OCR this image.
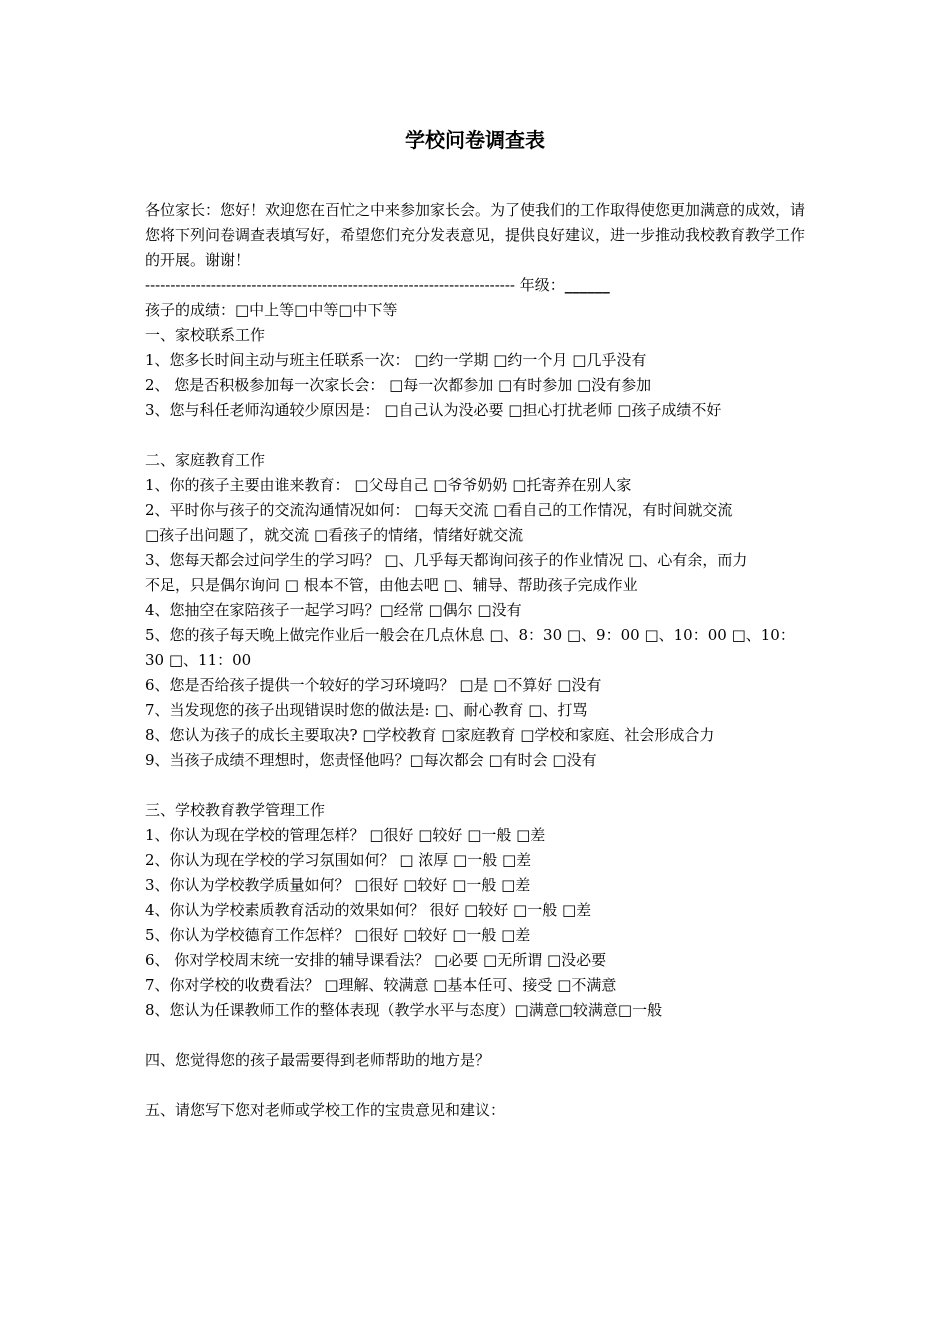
学校问卷调查表
各位家长：您好！欢迎您在百忙之中来参加家长会。为了使我们的工作取得使您更加满意的成效，请您将下列问卷调查表填写好，希望您们充分发表意见，提供良好建议，进一步推动我校教育教学工作的开展。谢谢！
------------------------------------------------------------------------- 年级：______
孩子的成绩：□中上等□中等□中下等
一、家校联系工作
1、您多长时间主动与班主任联系一次： □约一学期 □约一个月 □几乎没有
2、 您是否积极参加每一次家长会： □每一次都参加 □有时参加 □没有参加
3、您与科任老师沟通较少原因是： □自己认为没必要 □担心打扰老师 □孩子成绩不好
二、家庭教育工作
1、你的孩子主要由谁来教育： □父母自己 □爷爷奶奶 □托寄养在别人家
2、平时你与孩子的交流沟通情况如何： □每天交流 □看自己的工作情况，有时间就交流
□孩子出问题了，就交流 □看孩子的情绪，情绪好就交流
3、您每天都会过问学生的学习吗？ □、几乎每天都询问孩子的作业情况 □、心有余，而力
不足，只是偶尔询问 □ 根本不管，由他去吧 □、辅导、帮助孩子完成作业
4、您抽空在家陪孩子一起学习吗？□经常 □偶尔 □没有
5、您的孩子每天晚上做完作业后一般会在几点休息 □、8：30 □、9：00 □、10：00 □、10：
30 □、11：00
6、您是否给孩子提供一个较好的学习环境吗？ □是 □不算好 □没有
7、当发现您的孩子出现错误时您的做法是: □、耐心教育 □、打骂
8、您认为孩子的成长主要取决? □学校教育 □家庭教育 □学校和家庭、社会形成合力
9、当孩子成绩不理想时，您责怪他吗？□每次都会 □有时会 □没有
三、学校教育教学管理工作
1、你认为现在学校的管理怎样？ □很好 □较好 □一般 □差
2、你认为现在学校的学习氛围如何？ □ 浓厚 □一般 □差
3、你认为学校教学质量如何？ □很好 □较好 □一般 □差
4、你认为学校素质教育活动的效果如何？ 很好 □较好 □一般 □差
5、你认为学校德育工作怎样？ □很好 □较好 □一般 □差
6、 你对学校周末统一安排的辅导课看法？ □必要 □无所谓 □没必要
7、你对学校的收费看法？ □理解、较满意 □基本任可、接受 □不满意
8、您认为任课教师工作的整体表现（教学水平与态度）□满意□较满意□一般
四、您觉得您的孩子最需要得到老师帮助的地方是？
五、请您写下您对老师或学校工作的宝贵意见和建议：
